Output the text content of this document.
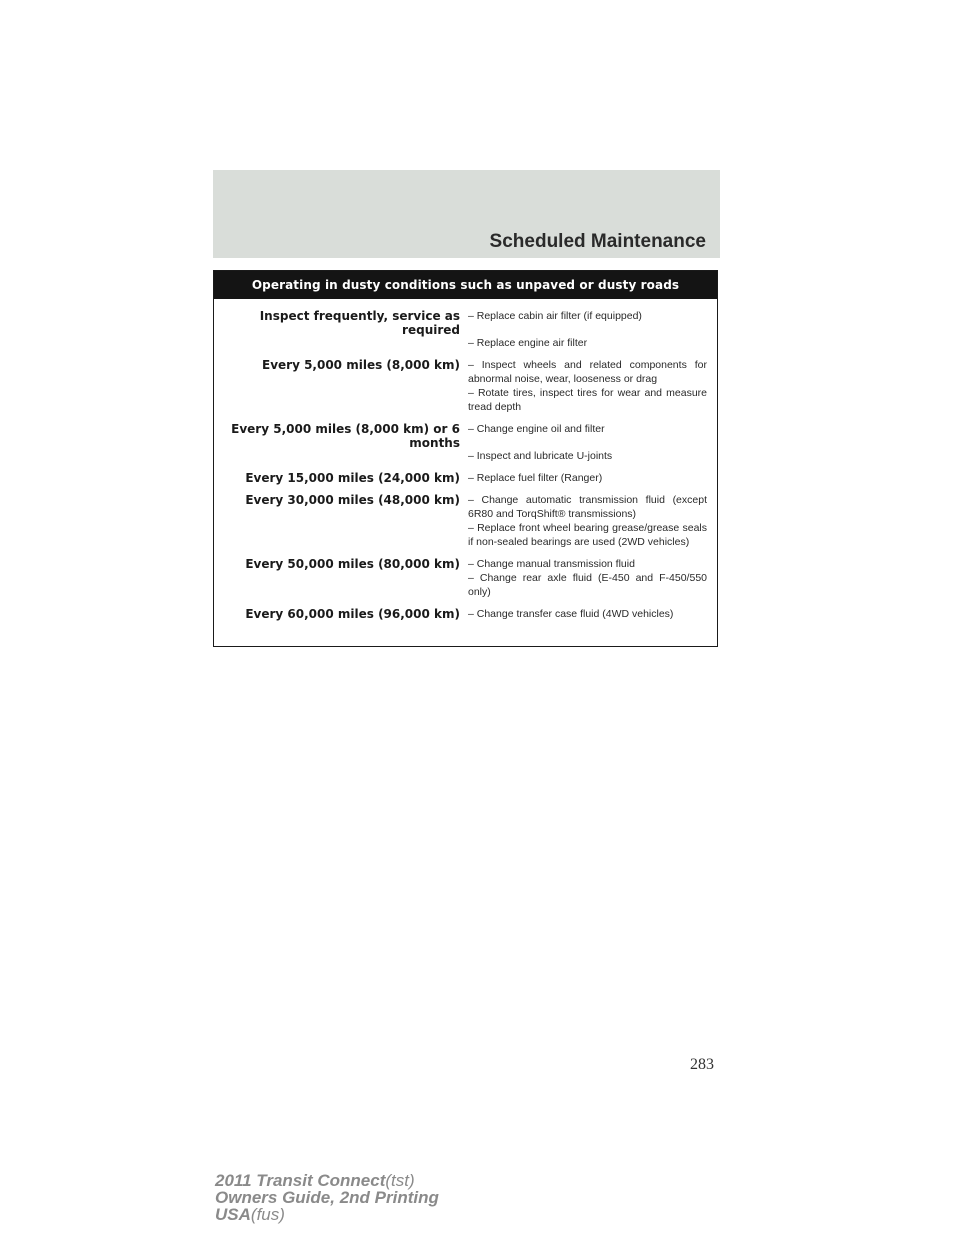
Scheduled Maintenance
Operating in dusty conditions such as unpaved or dusty roads
Inspect frequently, service as required

– Replace cabin air filter (if equipped)

– Replace engine air filter

Every 5,000 miles (8,000 km) – Inspect wheels and related components for abnormal noise, wear, looseness or drag

– Rotate tires, inspect tires for wear and measure tread depth

Every 5,000 miles (8,000 km) or 6 months

– Change engine oil and filter

– Inspect and lubricate U-joints

Every 15,000 miles (24,000 km) – Replace fuel filter (Ranger)

Every 30,000 miles (48,000 km) – Change automatic transmission fluid (except 6R80 and TorqShift® transmissions)

– Replace front wheel bearing grease/grease seals if non-sealed bearings are used (2WD vehicles)

Every 50,000 miles (80,000 km) – Change manual transmission fluid

– Change rear axle fluid (E-450 and F-450/550 only)

Every 60,000 miles (96,000 km) – Change transfer case fluid (4WD vehicles)

283
2011 Transit Connect(tst)
Owners Guide, 2nd Printing
USA(fus)
